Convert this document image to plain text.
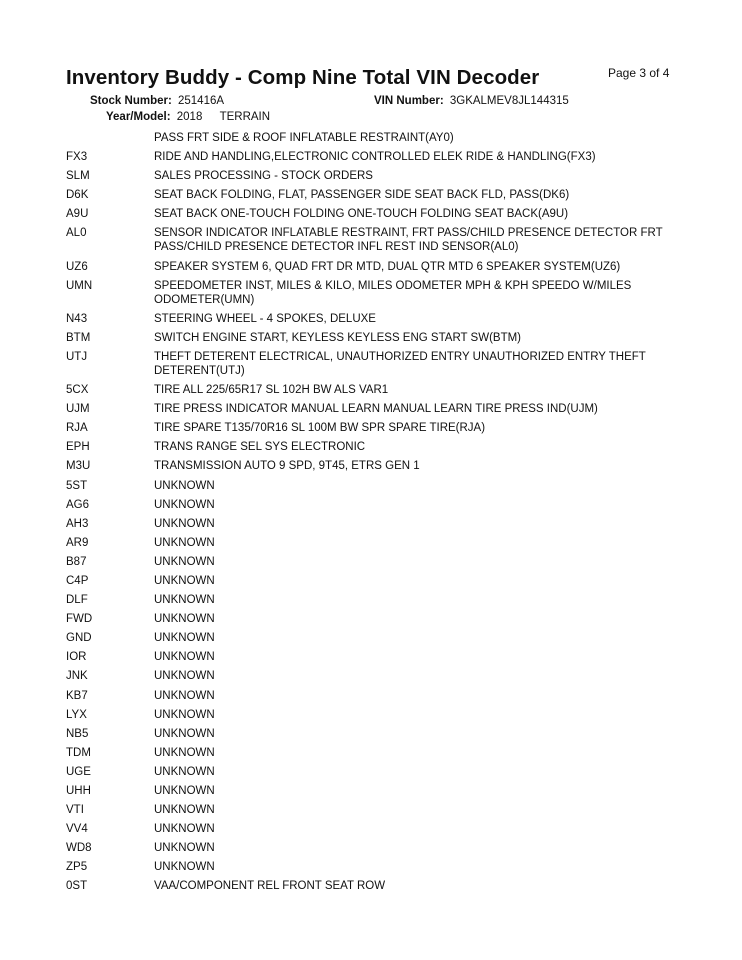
Inventory Buddy - Comp Nine Total VIN Decoder	Page 3 of 4
Stock Number: 251416A	VIN Number: 3GKALMEV8JL144315
Year/Model: 2018 TERRAIN
PASS FRT SIDE & ROOF INFLATABLE RESTRAINT(AY0)
FX3	RIDE AND HANDLING,ELECTRONIC CONTROLLED ELEK RIDE & HANDLING(FX3)
SLM	SALES PROCESSING - STOCK ORDERS
D6K	SEAT BACK FOLDING, FLAT, PASSENGER SIDE SEAT BACK FLD, PASS(DK6)
A9U	SEAT BACK ONE-TOUCH FOLDING ONE-TOUCH FOLDING SEAT BACK(A9U)
AL0	SENSOR INDICATOR INFLATABLE RESTRAINT, FRT PASS/CHILD PRESENCE DETECTOR FRT PASS/CHILD PRESENCE DETECTOR INFL REST IND SENSOR(AL0)
UZ6	SPEAKER SYSTEM 6, QUAD FRT DR MTD, DUAL QTR MTD 6 SPEAKER SYSTEM(UZ6)
UMN	SPEEDOMETER INST, MILES & KILO, MILES ODOMETER MPH & KPH SPEEDO W/MILES ODOMETER(UMN)
N43	STEERING WHEEL - 4 SPOKES, DELUXE
BTM	SWITCH ENGINE START, KEYLESS KEYLESS ENG START SW(BTM)
UTJ	THEFT DETERENT ELECTRICAL, UNAUTHORIZED ENTRY UNAUTHORIZED ENTRY THEFT DETERENT(UTJ)
5CX	TIRE ALL 225/65R17 SL 102H BW ALS VAR1
UJM	TIRE PRESS INDICATOR MANUAL LEARN MANUAL LEARN TIRE PRESS IND(UJM)
RJA	TIRE SPARE T135/70R16 SL 100M BW SPR SPARE TIRE(RJA)
EPH	TRANS RANGE SEL SYS ELECTRONIC
M3U	TRANSMISSION AUTO 9 SPD, 9T45, ETRS GEN 1
5ST	UNKNOWN
AG6	UNKNOWN
AH3	UNKNOWN
AR9	UNKNOWN
B87	UNKNOWN
C4P	UNKNOWN
DLF	UNKNOWN
FWD	UNKNOWN
GND	UNKNOWN
IOR	UNKNOWN
JNK	UNKNOWN
KB7	UNKNOWN
LYX	UNKNOWN
NB5	UNKNOWN
TDM	UNKNOWN
UGE	UNKNOWN
UHH	UNKNOWN
VTI	UNKNOWN
VV4	UNKNOWN
WD8	UNKNOWN
ZP5	UNKNOWN
0ST	VAA/COMPONENT REL FRONT SEAT ROW
